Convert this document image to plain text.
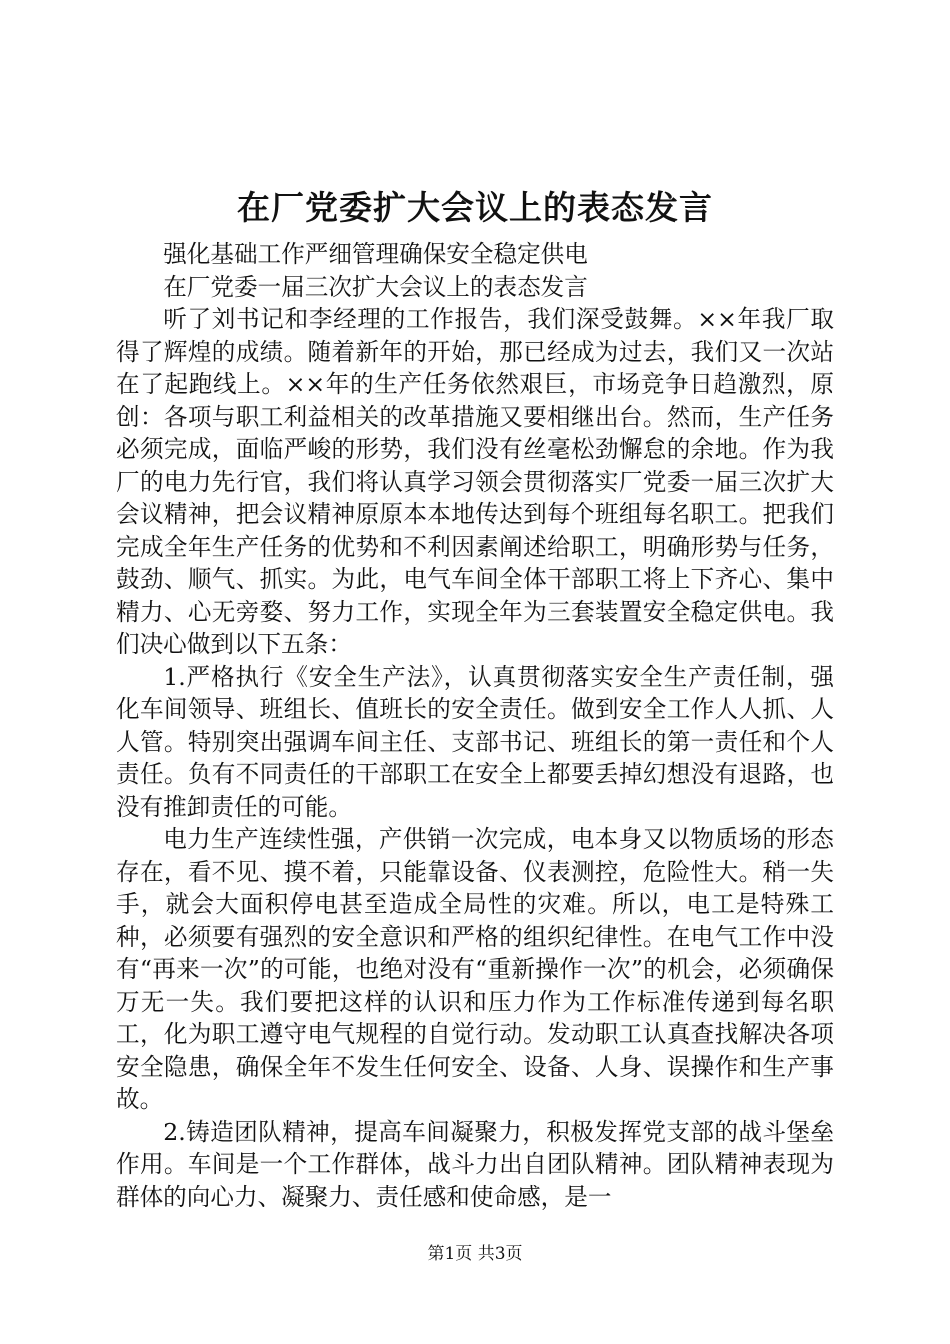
在厂党委扩大会议上的表态发言

强化基础工作严细管理确保安全稳定供电

在厂党委一届三次扩大会议上的表态发言

听了刘书记和李经理的工作报告，我们深受鼓舞。××年我厂取得了辉煌的成绩。随着新年的开始，那已经成为过去，我们又一次站在了起跑线上。××年的生产任务依然艰巨，市场竞争日趋激烈，原创：各项与职工利益相关的改革措施又要相继出台。然而，生产任务必须完成，面临严峻的形势，我们没有丝毫松劲懈怠的余地。作为我厂的电力先行官，我们将认真学习领会贯彻落实厂党委一届三次扩大会议精神，把会议精神原原本本地传达到每个班组每名职工。把我们完成全年生产任务的优势和不利因素阐述给职工，明确形势与任务，鼓劲、顺气、抓实。为此，电气车间全体干部职工将上下齐心、集中精力、心无旁婺、努力工作，实现全年为三套装置安全稳定供电。我们决心做到以下五条：

1.严格执行《安全生产法》，认真贯彻落实安全生产责任制，强化车间领导、班组长、值班长的安全责任。做到安全工作人人抓、人人管。特别突出强调车间主任、支部书记、班组长的第一责任和个人责任。负有不同责任的干部职工在安全上都要丢掉幻想没有退路，也没有推卸责任的可能。

电力生产连续性强，产供销一次完成，电本身又以物质场的形态存在，看不见、摸不着，只能靠设备、仪表测控，危险性大。稍一失手，就会大面积停电甚至造成全局性的灾难。所以，电工是特殊工种，必须要有强烈的安全意识和严格的组织纪律性。在电气工作中没有“再来一次”的可能，也绝对没有“重新操作一次”的机会，必须确保万无一失。我们要把这样的认识和压力作为工作标准传递到每名职工，化为职工遵守电气规程的自觉行动。发动职工认真查找解决各项安全隐患，确保全年不发生任何安全、设备、人身、误操作和生产事故。

2.铸造团队精神，提高车间凝聚力，积极发挥党支部的战斗堡垒作用。车间是一个工作群体，战斗力出自团队精神。团队精神表现为群体的向心力、凝聚力、责任感和使命感，是一

第1页 共3页
